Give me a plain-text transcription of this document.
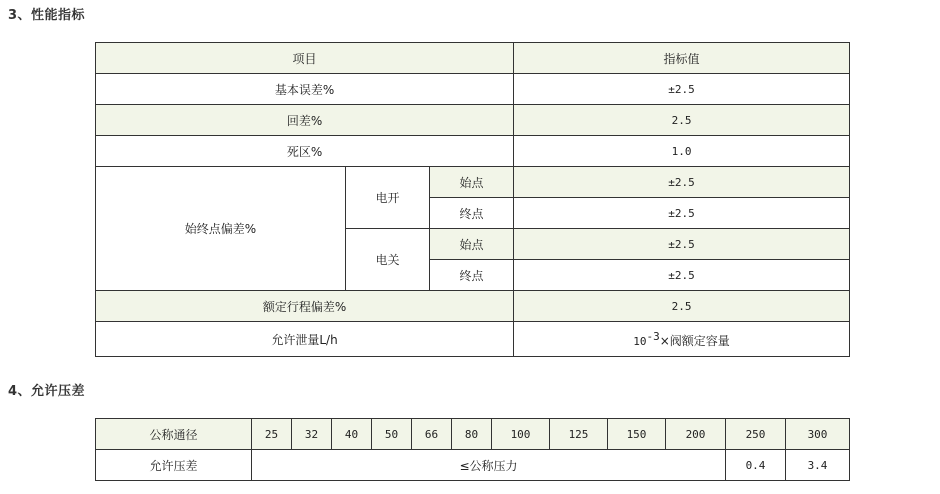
3、性能指标
项目			指标值
基本误差%			±2.5
回差%			2.5
死区%			1.0
始终点偏差%	电开	始点	±2.5
		终点	±2.5
	电关	始点	±2.5
		终点	±2.5
额定行程偏差%			2.5
允许泄量L/h			$10^{-3}\times$阀额定容量
4、允许压差
公称通径	25	32	40	50	66	80	100	125	150	200	250	300
允许压差	≤公称压力										0.4	3.4
